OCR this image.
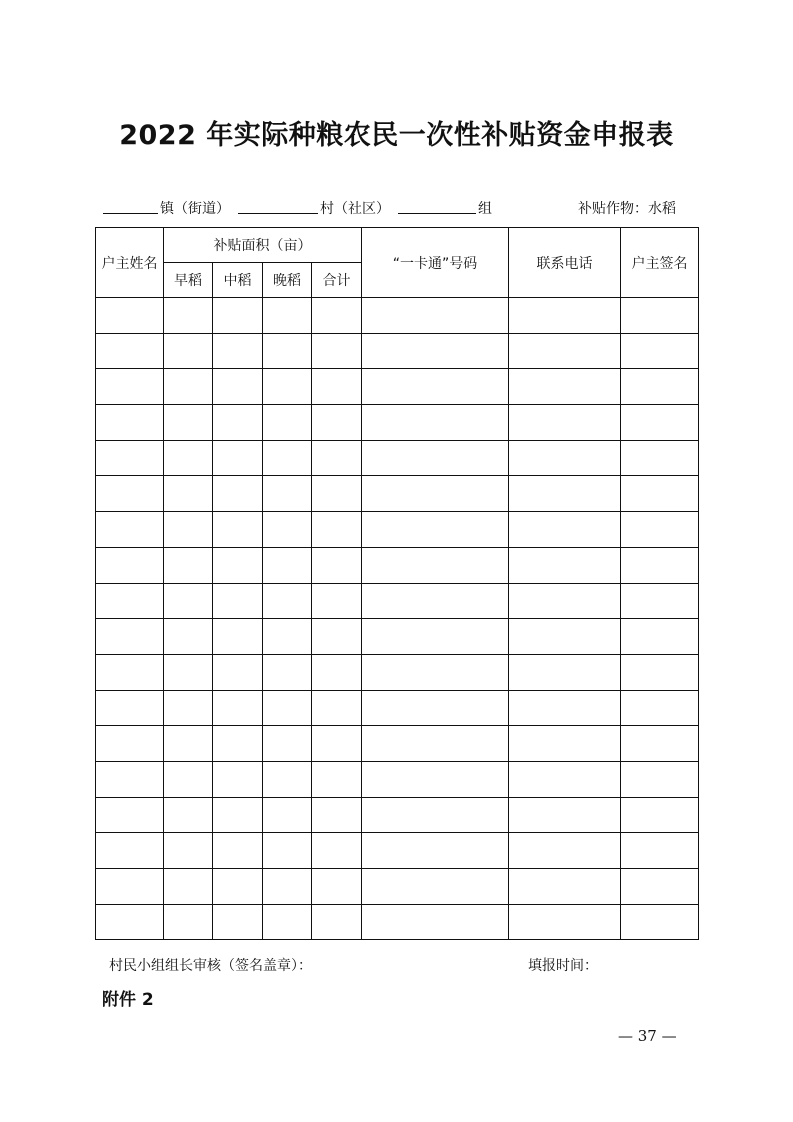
2022 年实际种粮农民一次性补贴资金申报表
镇（街道）	村（社区）	组	补贴作物：水稻
户主姓名	补贴面积（亩）				“一卡通”号码	联系电话	户主签名
	早稻	中稻	晚稻	合计			

村民小组组长审核（签名盖章）：	填报时间：
附件 2
— 37 —
